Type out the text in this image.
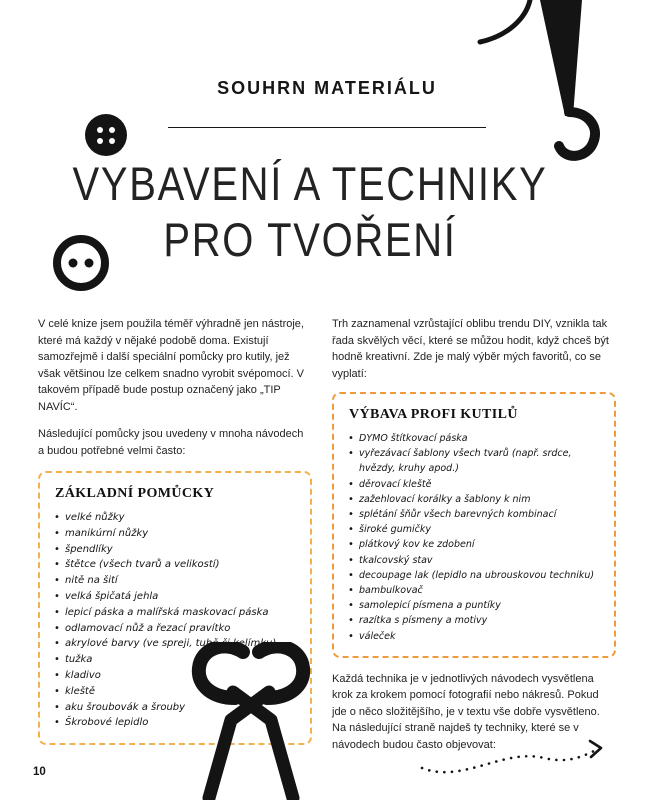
SOUHRN MATERIÁLU
VYBAVENÍ A TECHNIKY
PRO TVOŘENÍ

V celé knize jsem použila téměř výhradně jen nástroje, které má každý v nějaké podobě doma. Existují samozřejmě i další speciální pomůcky pro kutily, jež však většinou lze celkem snadno vyrobit svépomocí. V takovém případě bude postup označený jako „TIP NAVÍC“.

Následující pomůcky jsou uvedeny v mnoha návodech a budou potřebné velmi často:

ZÁKLADNÍ POMŮCKY
• velké nůžky
• manikúrní nůžky
• špendlíky
• štětce (všech tvarů a velikostí)
• nitě na šití
• velká špičatá jehla
• lepicí páska a malířská maskovací páska
• odlamovací nůž a řezací pravítko
• akrylové barvy (ve spreji, tubě či kelímku)
• tužka
• kladivo
• kleště
• aku šroubovák a šrouby
• Škrobové lepidlo

Trh zaznamenal vzrůstající oblibu trendu DIY, vznikla tak řada skvělých věcí, které se můžou hodit, když chceš být hodně kreativní. Zde je malý výběr mých favoritů, co se vyplatí:

VÝBAVA PROFI KUTILŮ
• DYMO štítkovací páska
• vyřezávací šablony všech tvarů (např. srdce, hvězdy, kruhy apod.)
• děrovací kleště
• zažehlovací korálky a šablony k nim
• splétání šňůr všech barevných kombinací
• široké gumičky
• plátkový kov ke zdobení
• tkalcovský stav
• decoupage lak (lepidlo na ubrouskovou techniku)
• bambulkovač
• samolepicí písmena a puntíky
• razítka s písmeny a motivy
• váleček

Každá technika je v jednotlivých návodech vysvětlena krok za krokem pomocí fotografií nebo nákresů. Pokud jde o něco složitějšího, je v textu vše dobře vysvětleno. Na následující straně najdeš ty techniky, které se v návodech budou často objevovat:

10
